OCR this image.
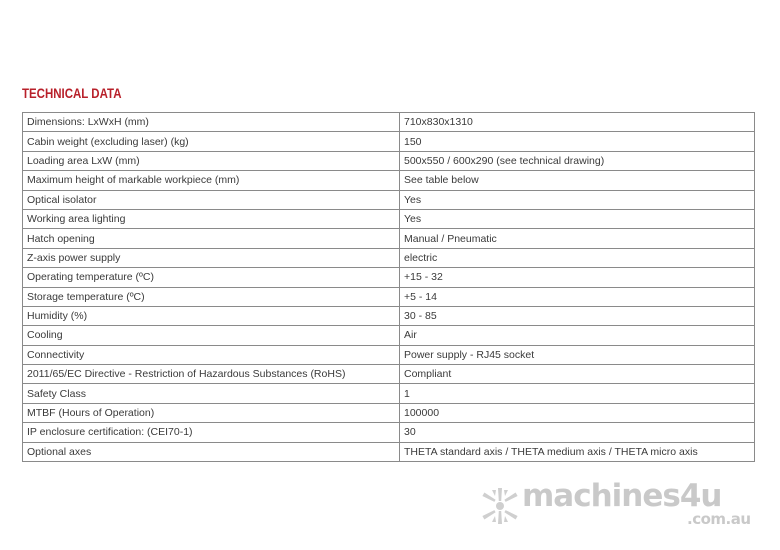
TECHNICAL DATA
Dimensions: LxWxH (mm)	710x830x1310
Cabin weight (excluding laser) (kg)	150
Loading area LxW (mm)	500x550 / 600x290 (see technical drawing)
Maximum height of markable workpiece (mm)	See table below
Optical isolator	Yes
Working area lighting	Yes
Hatch opening	Manual / Pneumatic
Z-axis power supply	electric
Operating temperature (ºC)	+15 - 32
Storage temperature (ºC)	+5 - 14
Humidity (%)	30 - 85
Cooling	Air
Connectivity	Power supply - RJ45 socket
2011/65/EC Directive - Restriction of Hazardous Substances (RoHS)	Compliant
Safety Class	1
MTBF (Hours of Operation)	100000
IP enclosure certification: (CEI70-1)	30
Optional axes	THETA standard axis / THETA medium axis / THETA micro axis
machines4u
.com.au
